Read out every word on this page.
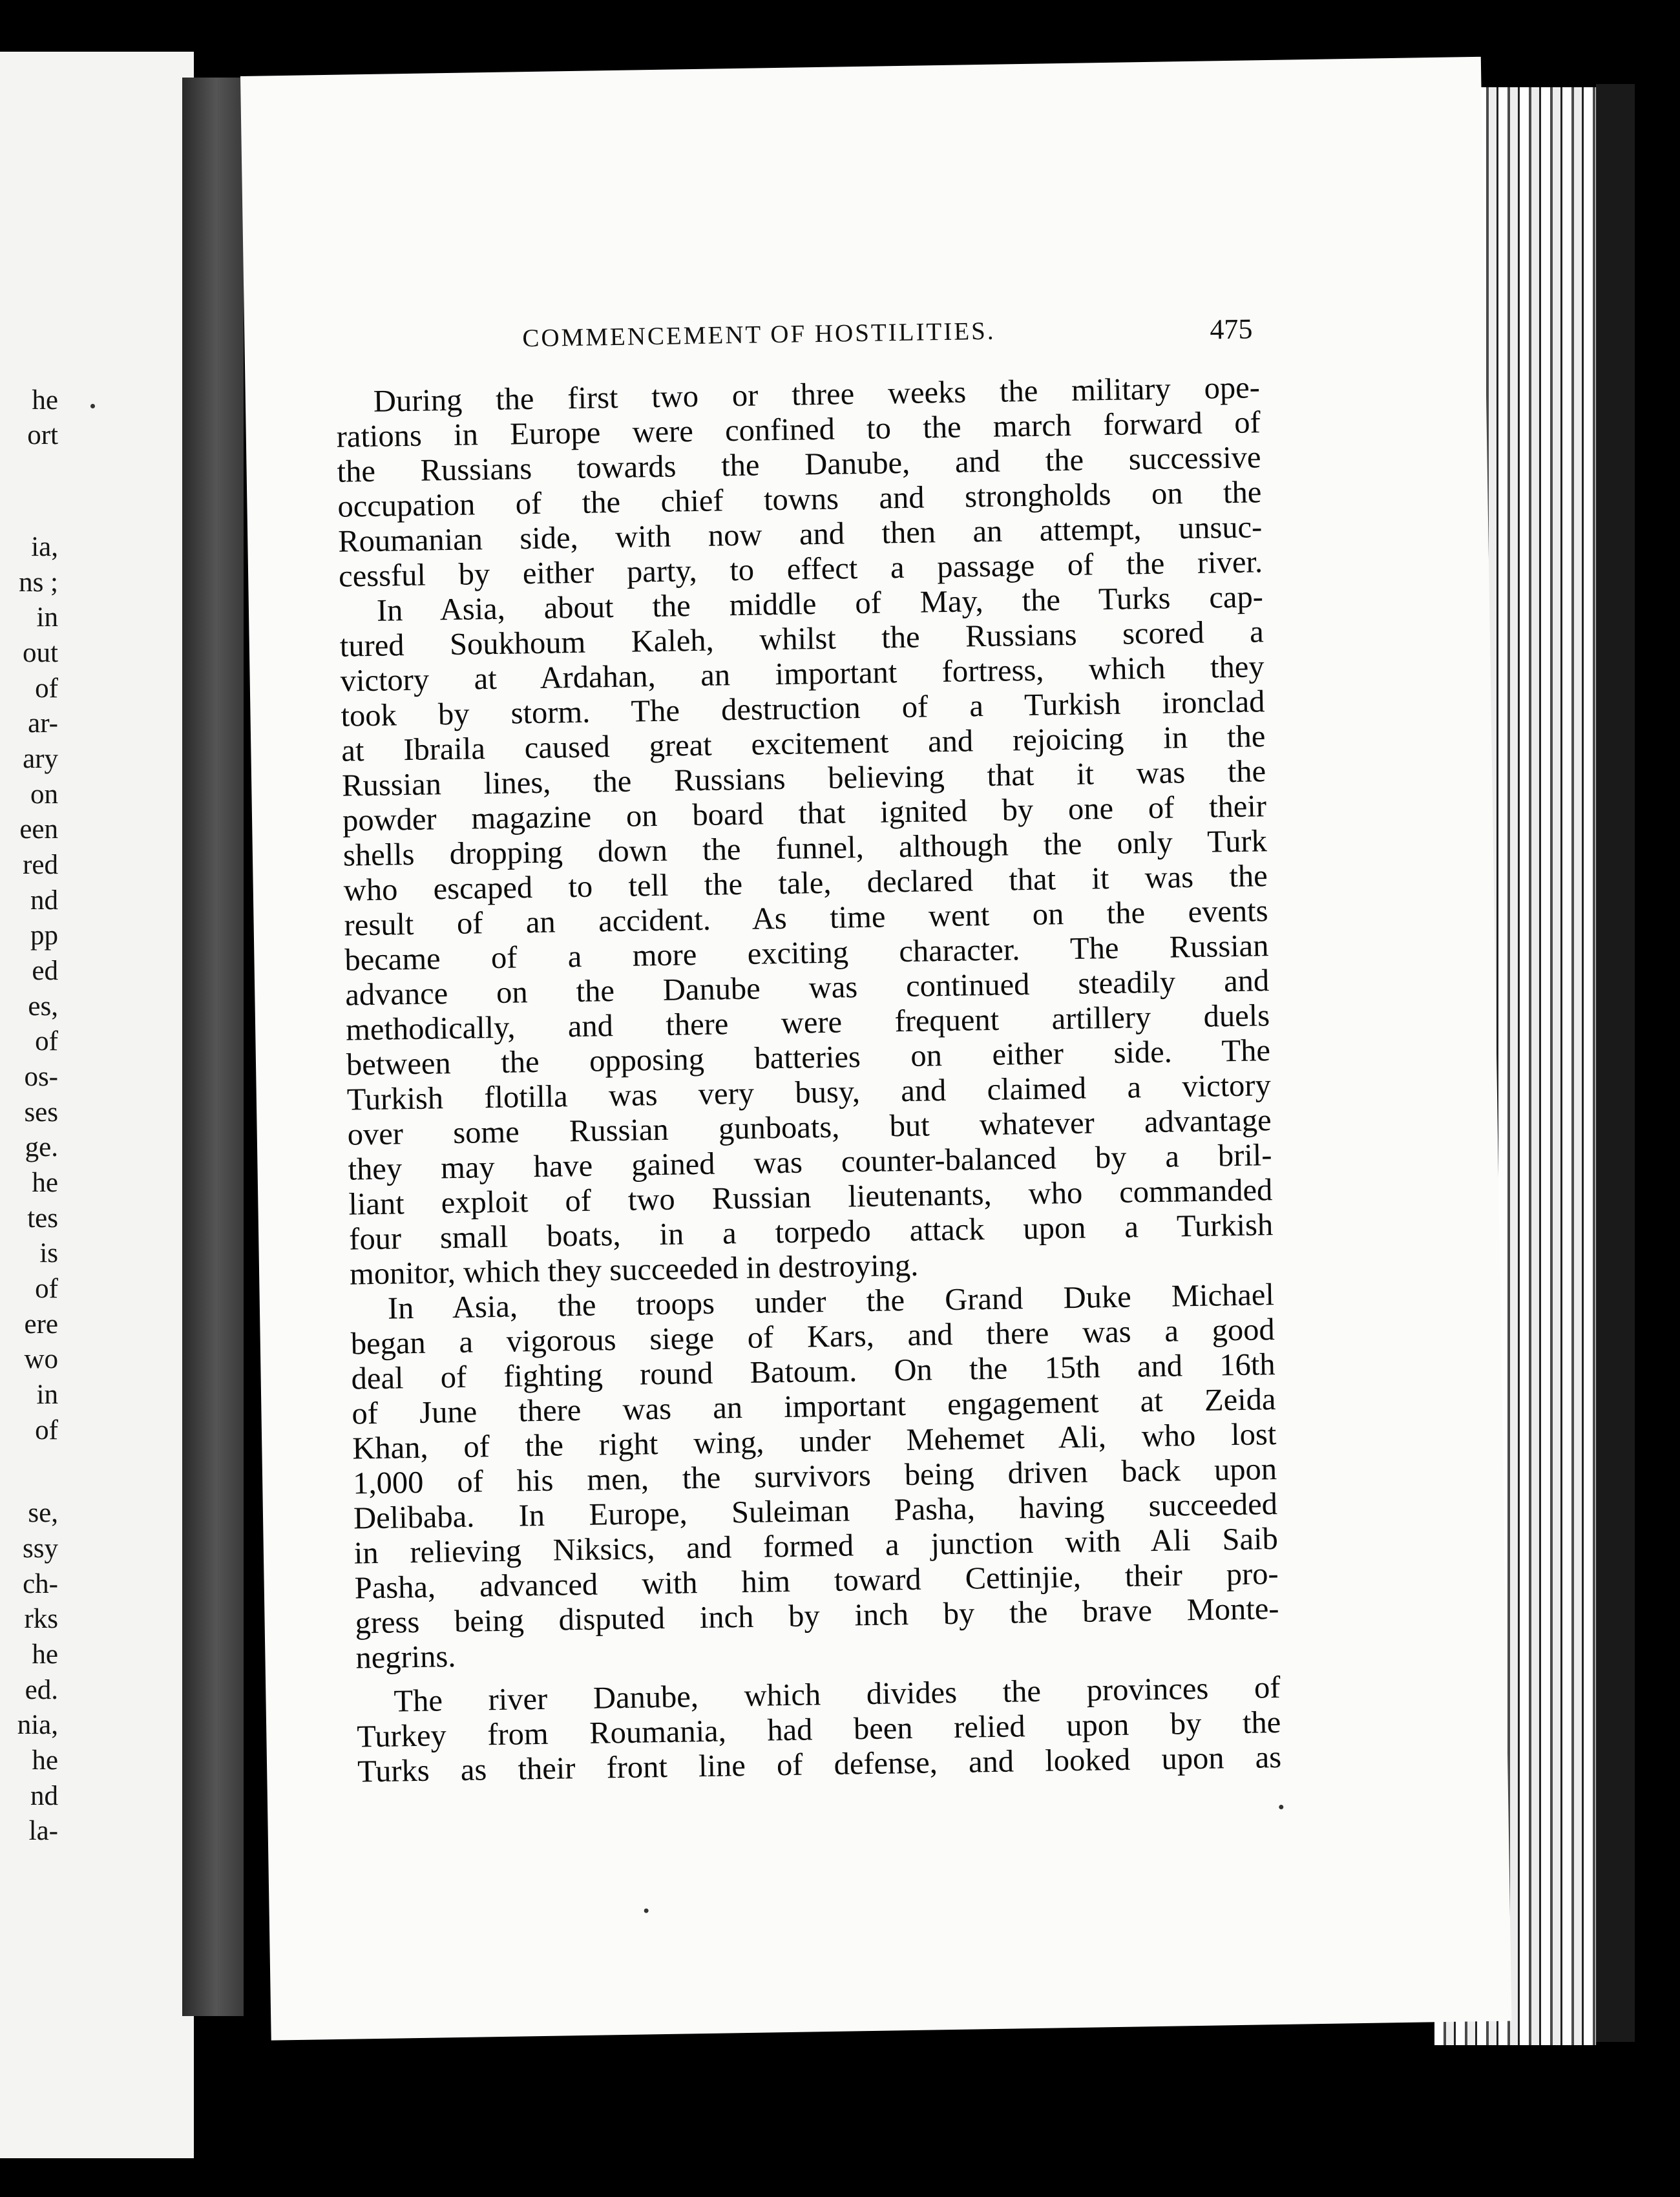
he
ort
ia,
ns ;
in
out
of
ar-
ary
on
een
red
nd
pp
ed
es,
of
os-
ses
ge.
he
tes
is
of
ere
wo
in
of
se,
ssy
ch-
rks
he
ed.
nia,
he
nd
la-
COMMENCEMENT OF HOSTILITIES.	475
During the first two or three weeks the military ope-
rations in Europe were confined to the march forward of
the Russians towards the Danube, and the successive
occupation of the chief towns and strongholds on the
Roumanian side, with now and then an attempt, unsuc-
cessful by either party, to effect a passage of the river.
In Asia, about the middle of May, the Turks cap-
tured Soukhoum Kaleh, whilst the Russians scored a
victory at Ardahan, an important fortress, which they
took by storm. The destruction of a Turkish ironclad
at Ibraila caused great excitement and rejoicing in the
Russian lines, the Russians believing that it was the
powder magazine on board that ignited by one of their
shells dropping down the funnel, although the only Turk
who escaped to tell the tale, declared that it was the
result of an accident. As time went on the events
became of a more exciting character. The Russian
advance on the Danube was continued steadily and
methodically, and there were frequent artillery duels
between the opposing batteries on either side. The
Turkish flotilla was very busy, and claimed a victory
over some Russian gunboats, but whatever advantage
they may have gained was counter-balanced by a bril-
liant exploit of two Russian lieutenants, who commanded
four small boats, in a torpedo attack upon a Turkish
monitor, which they succeeded in destroying.
In Asia, the troops under the Grand Duke Michael
began a vigorous siege of Kars, and there was a good
deal of fighting round Batoum. On the 15th and 16th
of June there was an important engagement at Zeida
Khan, of the right wing, under Mehemet Ali, who lost
1,000 of his men, the survivors being driven back upon
Delibaba. In Europe, Suleiman Pasha, having succeeded
in relieving Niksics, and formed a junction with Ali Saib
Pasha, advanced with him toward Cettinjie, their pro-
gress being disputed inch by inch by the brave Monte-
negrins.
The river Danube, which divides the provinces of
Turkey from Roumania, had been relied upon by the
Turks as their front line of defense, and looked upon as
